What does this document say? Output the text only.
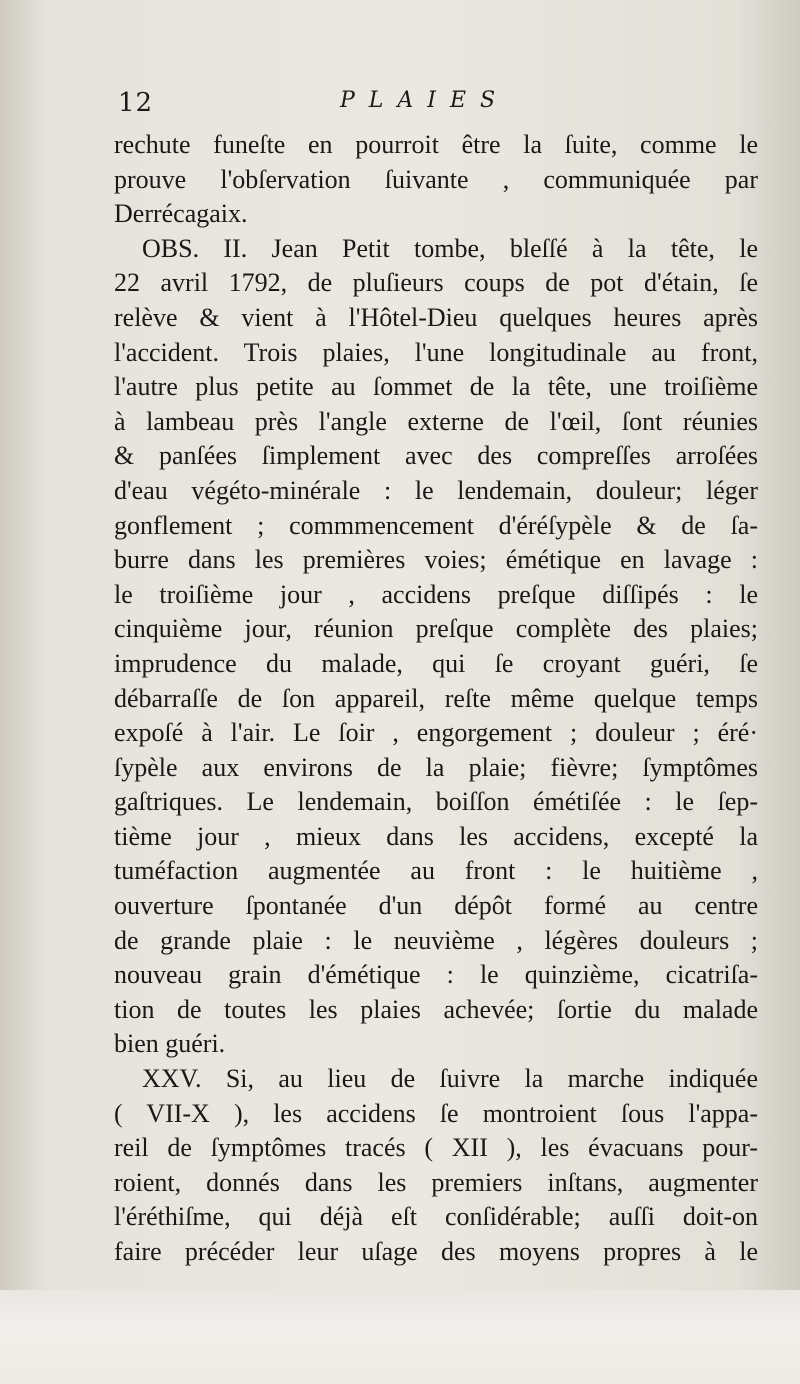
12	PLAIES
rechute funeſte en pourroit être la ſuite, comme le
prouve l'obſervation ſuivante , communiquée par
Derrécagaix.
OBS. II. Jean Petit tombe, bleſſé à la tête, le
22 avril 1792, de pluſieurs coups de pot d'étain, ſe
relève & vient à l'Hôtel-Dieu quelques heures après
l'accident. Trois plaies, l'une longitudinale au front,
l'autre plus petite au ſommet de la tête, une troiſième
à lambeau près l'angle externe de l'œil, ſont réunies
& panſées ſimplement avec des compreſſes arroſées
d'eau végéto-minérale : le lendemain, douleur; léger
gonflement ; commmencement d'éréſypèle & de ſa-
burre dans les premières voies; émétique en lavage :
le troiſième jour , accidens preſque diſſipés : le
cinquième jour, réunion preſque complète des plaies;
imprudence du malade, qui ſe croyant guéri, ſe
débarraſſe de ſon appareil, reſte même quelque temps
expoſé à l'air. Le ſoir , engorgement ; douleur ; éré·
ſypèle aux environs de la plaie; fièvre; ſymptômes
gaſtriques. Le lendemain, boiſſon émétiſée : le ſep-
tième jour , mieux dans les accidens, excepté la
tuméfaction augmentée au front : le huitième ,
ouverture ſpontanée d'un dépôt formé au centre
de grande plaie : le neuvième , légères douleurs ;
nouveau grain d'émétique : le quinzième, cicatriſa-
tion de toutes les plaies achevée; ſortie du malade
bien guéri.
XXV. Si, au lieu de ſuivre la marche indiquée
( VII-X ), les accidens ſe montroient ſous l'appa-
reil de ſymptômes tracés ( XII ), les évacuans pour-
roient, donnés dans les premiers inſtans, augmenter
l'éréthiſme, qui déjà eſt conſidérable; auſſi doit-on
faire précéder leur uſage des moyens propres à le
